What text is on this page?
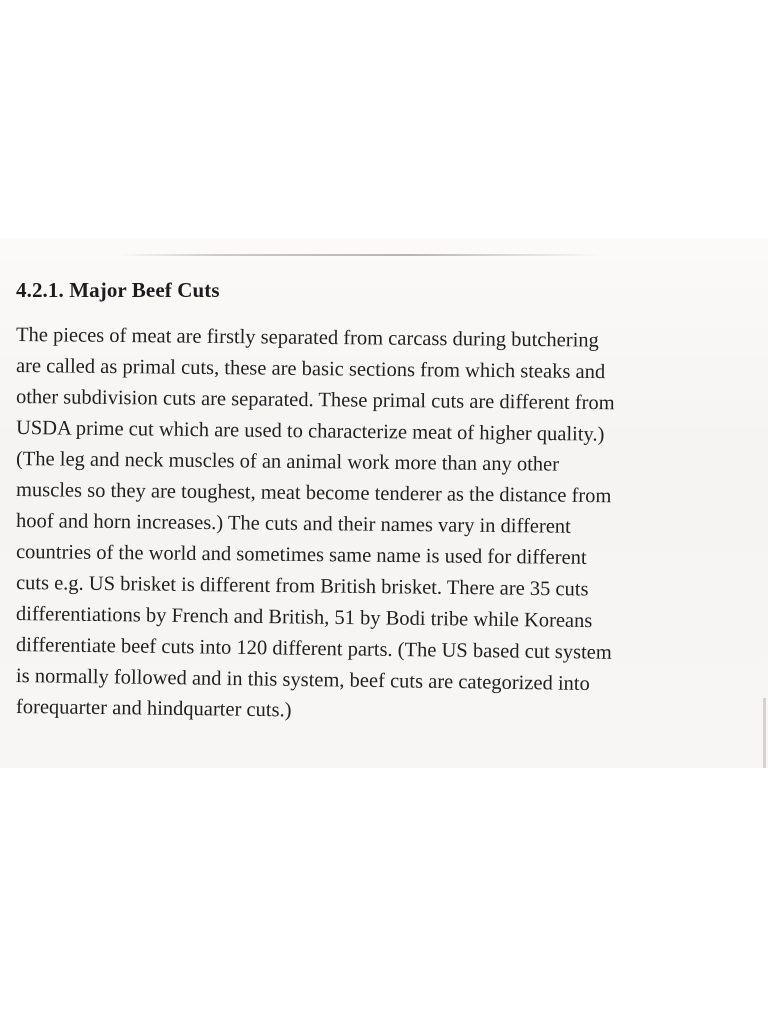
4.2.1. Major Beef Cuts
The pieces of meat are firstly separated from carcass during butchering
are called as primal cuts, these are basic sections from which steaks and
other subdivision cuts are separated. These primal cuts are different from
USDA prime cut which are used to characterize meat of higher quality.)
(The leg and neck muscles of an animal work more than any other
muscles so they are toughest, meat become tenderer as the distance from
hoof and horn increases.) The cuts and their names vary in different
countries of the world and sometimes same name is used for different
cuts e.g. US brisket is different from British brisket. There are 35 cuts
differentiations by French and British, 51 by Bodi tribe while Koreans
differentiate beef cuts into 120 different parts. (The US based cut system
is normally followed and in this system, beef cuts are categorized into
forequarter and hindquarter cuts.)
